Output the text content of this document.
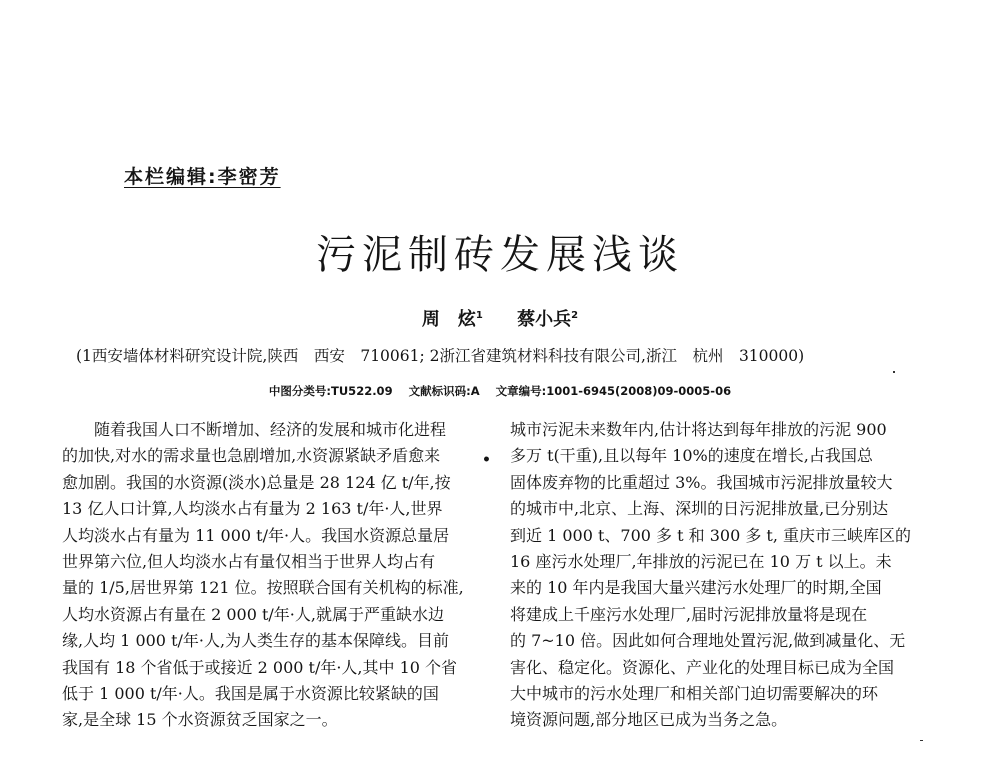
本栏编辑:李密芳
污泥制砖发展浅谈
周　炫$^1$ 蔡小兵$^2$
(1西安墙体材料研究设计院,陕西　西安　710061; 2浙江省建筑材料科技有限公司,浙江　杭州　310000)
中图分类号:TU522.09 文献标识码:A 文章编号:1001-6945(2008)09-0005-06
随着我国人口不断增加、经济的发展和城市化进程
的加快,对水的需求量也急剧增加,水资源紧缺矛盾愈来
愈加剧。我国的水资源(淡水)总量是 28 124 亿 t/年,按
13 亿人口计算,人均淡水占有量为 2 163 t/年·人,世界
人均淡水占有量为 11 000 t/年·人。我国水资源总量居
世界第六位,但人均淡水占有量仅相当于世界人均占有
量的 1/5,居世界第 121 位。按照联合国有关机构的标准,
人均水资源占有量在 2 000 t/年·人,就属于严重缺水边
缘,人均 1 000 t/年·人,为人类生存的基本保障线。目前
我国有 18 个省低于或接近 2 000 t/年·人,其中 10 个省
低于 1 000 t/年·人。我国是属于水资源比较紧缺的国
家,是全球 15 个水资源贫乏国家之一。
•
城市污泥未来数年内,估计将达到每年排放的污泥 900
多万 t(干重),且以每年 10%的速度在增长,占我国总
固体废弃物的比重超过 3%。我国城市污泥排放量较大
的城市中,北京、上海、深圳的日污泥排放量,已分别达
到近 1 000 t、700 多 t 和 300 多 t, 重庆市三峡库区的
16 座污水处理厂,年排放的污泥已在 10 万 t 以上。未
来的 10 年内是我国大量兴建污水处理厂的时期,全国
将建成上千座污水处理厂,届时污泥排放量将是现在
的 7~10 倍。因此如何合理地处置污泥,做到减量化、无
害化、稳定化。资源化、产业化的处理目标已成为全国
大中城市的污水处理厂和相关部门迫切需要解决的环
境资源问题,部分地区已成为当务之急。
